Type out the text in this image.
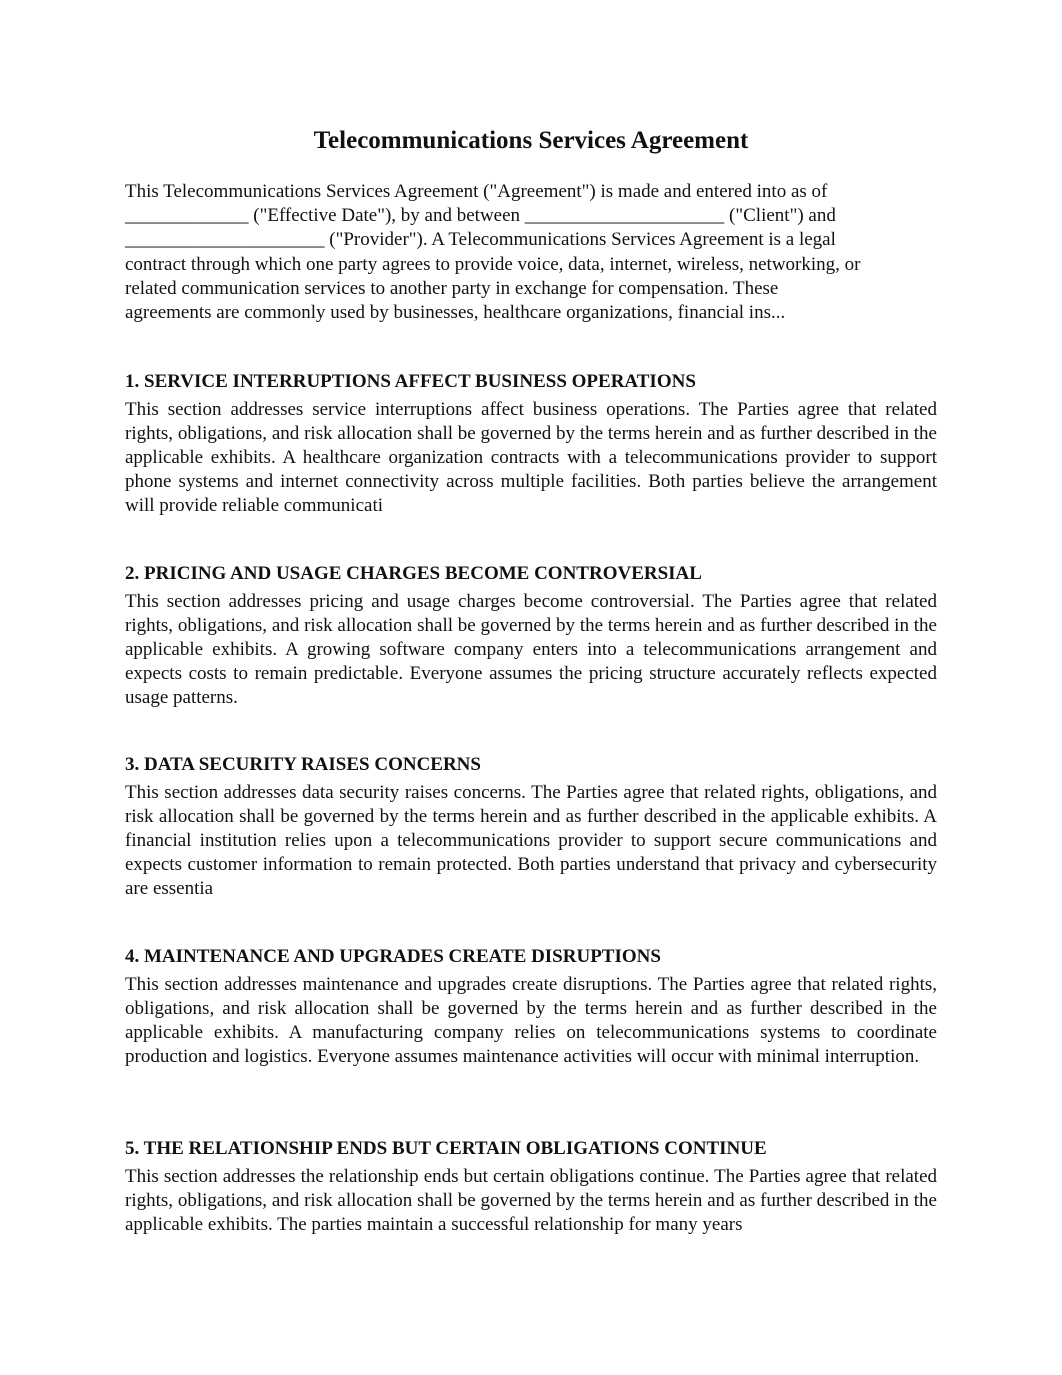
Telecommunications Services Agreement
This Telecommunications Services Agreement ("Agreement") is made and entered into as of
_____________ ("Effective Date"), by and between _____________________ ("Client") and
_____________________ ("Provider"). A Telecommunications Services Agreement is a legal
contract through which one party agrees to provide voice, data, internet, wireless, networking, or
related communication services to another party in exchange for compensation. These
agreements are commonly used by businesses, healthcare organizations, financial ins...
1. SERVICE INTERRUPTIONS AFFECT BUSINESS OPERATIONS

This section addresses service interruptions affect business operations. The Parties agree that related rights, obligations, and risk allocation shall be governed by the terms herein and as further described in the applicable exhibits. A healthcare organization contracts with a telecommunications provider to support phone systems and internet connectivity across multiple facilities. Both parties believe the arrangement will provide reliable communicati

2. PRICING AND USAGE CHARGES BECOME CONTROVERSIAL

This section addresses pricing and usage charges become controversial. The Parties agree that related rights, obligations, and risk allocation shall be governed by the terms herein and as further described in the applicable exhibits. A growing software company enters into a telecommunications arrangement and expects costs to remain predictable. Everyone assumes the pricing structure accurately reflects expected usage patterns.

3. DATA SECURITY RAISES CONCERNS

This section addresses data security raises concerns. The Parties agree that related rights, obligations, and risk allocation shall be governed by the terms herein and as further described in the applicable exhibits. A financial institution relies upon a telecommunications provider to support secure communications and expects customer information to remain protected. Both parties understand that privacy and cybersecurity are essentia

4. MAINTENANCE AND UPGRADES CREATE DISRUPTIONS

This section addresses maintenance and upgrades create disruptions. The Parties agree that related rights, obligations, and risk allocation shall be governed by the terms herein and as further described in the applicable exhibits. A manufacturing company relies on telecommunications systems to coordinate production and logistics. Everyone assumes maintenance activities will occur with minimal interruption.

5. THE RELATIONSHIP ENDS BUT CERTAIN OBLIGATIONS CONTINUE

This section addresses the relationship ends but certain obligations continue. The Parties agree that related rights, obligations, and risk allocation shall be governed by the terms herein and as further described in the applicable exhibits. The parties maintain a successful relationship for many years
